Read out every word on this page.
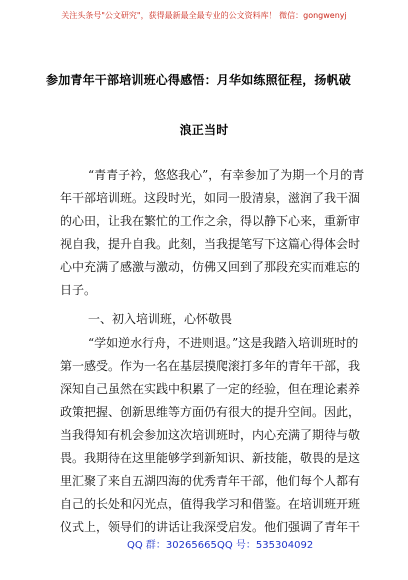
关注头条号"公文研究"，获得最新最全最专业的公文资料库！ 微信：gongwenyj
参加青年干部培训班心得感悟：月华如练照征程，扬帆破
浪正当时
“青青子衿，悠悠我心”，有幸参加了为期一个月的青
年干部培训班。这段时光，如同一股清泉，滋润了我干涸
的心田，让我在繁忙的工作之余，得以静下心来，重新审
视自我，提升自我。此刻，当我提笔写下这篇心得体会时
心中充满了感激与激动，仿佛又回到了那段充实而难忘的
日子。
一、初入培训班，心怀敬畏
“学如逆水行舟，不进则退。”这是我踏入培训班时的
第一感受。作为一名在基层摸爬滚打多年的青年干部，我
深知自己虽然在实践中积累了一定的经验，但在理论素养
政策把握、创新思维等方面仍有很大的提升空间。因此，
当我得知有机会参加这次培训班时，内心充满了期待与敬
畏。我期待在这里能够学到新知识、新技能，敬畏的是这
里汇聚了来自五湖四海的优秀青年干部，他们每个人都有
自己的长处和闪光点，值得我学习和借鉴。在培训班开班
仪式上，领导们的讲话让我深受启发。他们强调了青年干
QQ 群：30265665 QQ 号：535304092
